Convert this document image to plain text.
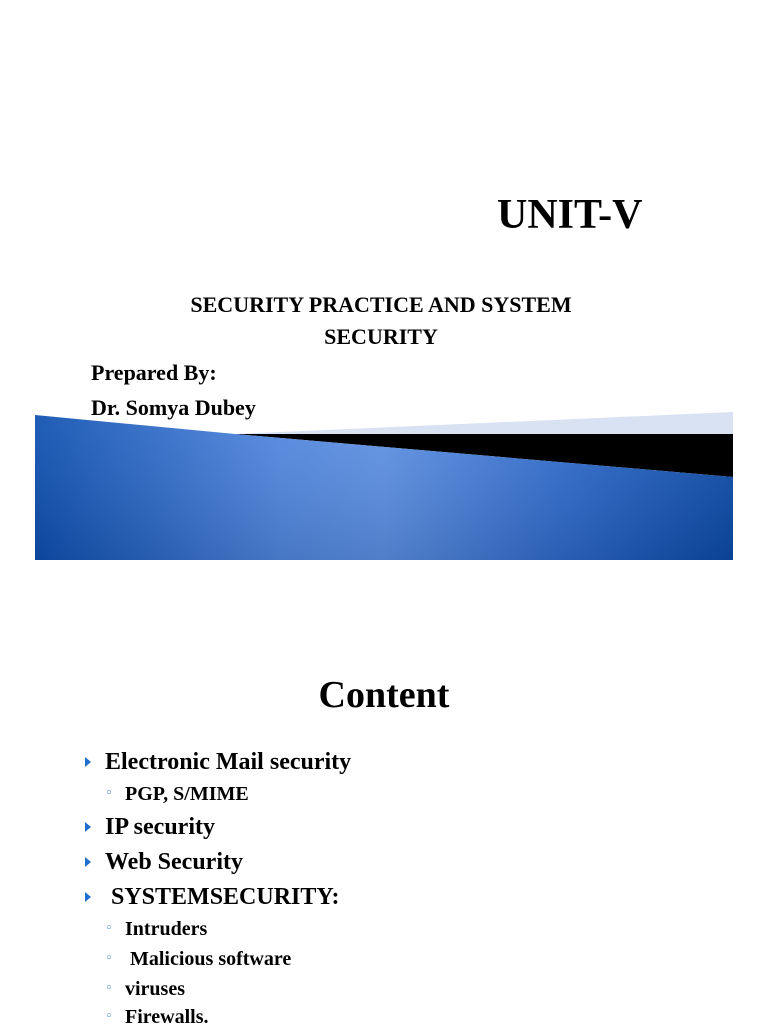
UNIT-V
SECURITY PRACTICE AND SYSTEM
SECURITY
Prepared By:
Dr. Somya Dubey
Content
Electronic Mail security
◦ PGP, S/MIME
IP security
Web Security
SYSTEMSECURITY:
◦ Intruders
◦ Malicious software
◦ viruses
◦ Firewalls.
